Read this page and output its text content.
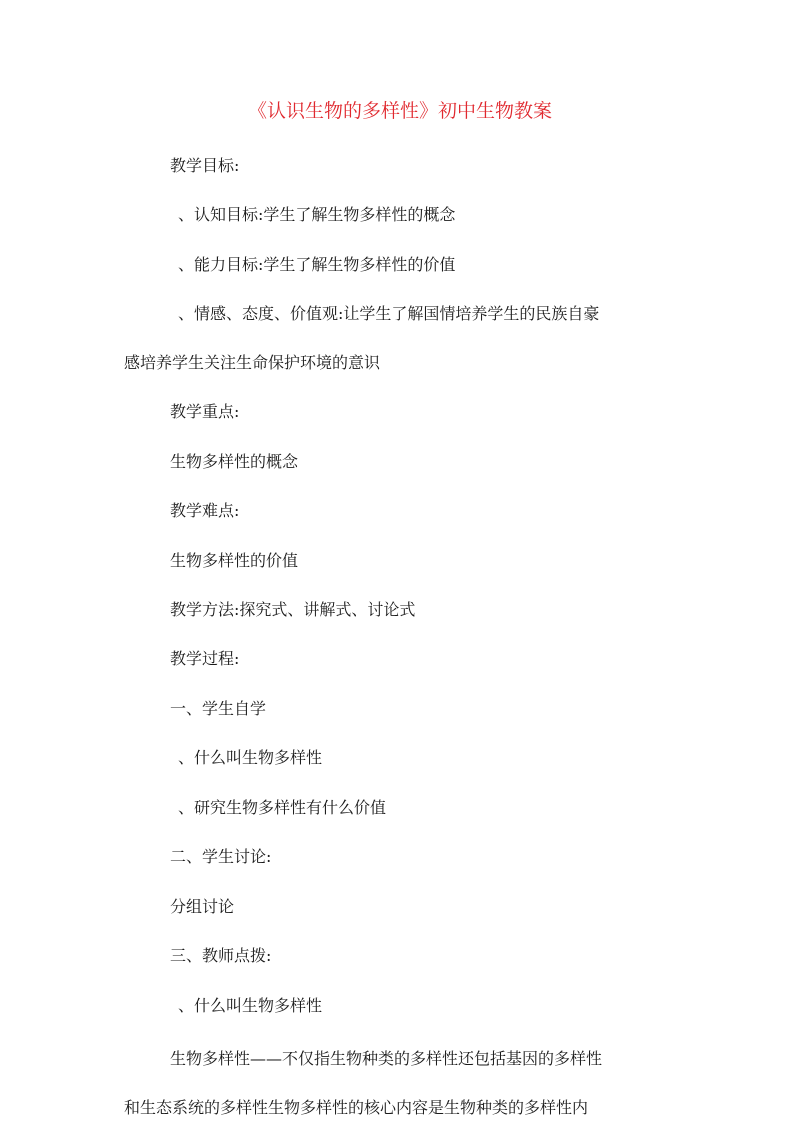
《认识生物的多样性》初中生物教案
教学目标:
、认知目标:学生了解生物多样性的概念
、能力目标:学生了解生物多样性的价值
、情感、态度、价值观:让学生了解国情培养学生的民族自豪
感培养学生关注生命保护环境的意识
教学重点:
生物多样性的概念
教学难点:
生物多样性的价值
教学方法:探究式、讲解式、讨论式
教学过程:
一、学生自学
、什么叫生物多样性
、研究生物多样性有什么价值
二、学生讨论:
分组讨论
三、教师点拨:
、什么叫生物多样性
生物多样性——不仅指生物种类的多样性还包括基因的多样性
和生态系统的多样性生物多样性的核心内容是生物种类的多样性内
